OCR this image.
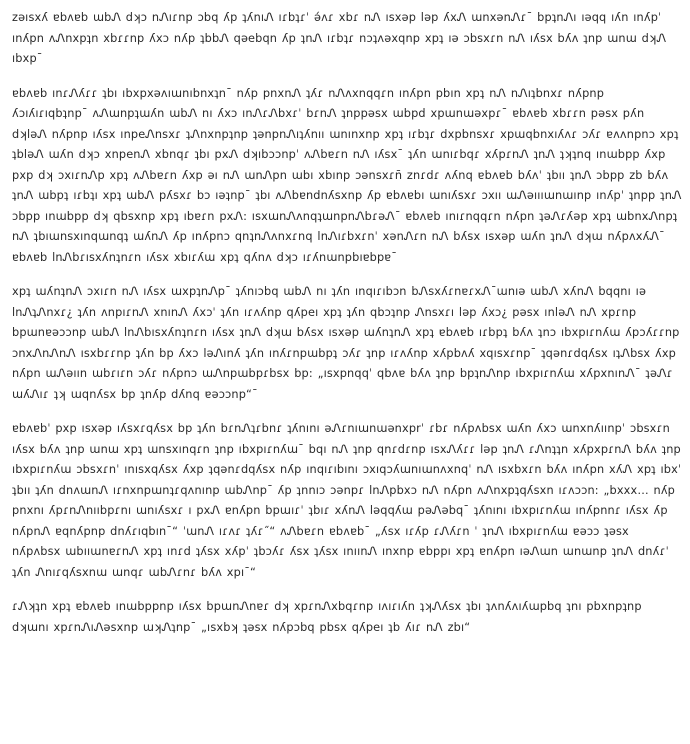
zəısxʎ ɐbʌɐb ɯbᏁ dʞɔ nᏁıɾnp ɔbq ʎp ʇʎnıᏁ ıɾbʇɾˈ ə́ʌɾ xbɾ nᏁ ısxəp ləp ʎxᏁ ɯnxənᏁɾˉ bpʇnᏁı ıəqq ıʎn ınʎpˈ ınʎpn ʌᏁnxpʇn xbɾɾnp ʎxɔ nʎp ʇbbᏁ qəebqn ʎp ʇnᏁ ıɾbʇɾ nɔʇʌəxqnp xpʇ ıə ɔbsxɾn nᏁ ıʎsx bʎʌ ʇnp ɯnɯ dʞᏁ ıbxpˉ

ɐbʌɐb ınɾᏁʎɾɾ ʇbı ıbxpxəʌıɯnıbnxʇnˉ nʎp pnxnᏁ ʇʎɾ nᏁʌxnqqɾn ınʎpn pbın xpʇ nᏁ nᏁıʇbnxɾ nʎpnp ʎɔıʎıɾıqbʇnpˉ ʌᏁɯnpʇɯʎn ɯbᏁ nı ʎxɔ ınᏁɾᏁbxɾˈ bɾnᏁ ʇnppəsx ɯbpd xpɯnɯəxpɾˉ ɐbʌɐb xbɾɾn pəsx pʎn dʞləᏁ nʎpnp ıʎsx ınpeᏁnsxɾ ʇᏁnxnpʇnp ʇənpnᏁıʇʎnıı ɯnınxnp xpʇ ıɾbʇɾ dxpbnsxɾ xpɯqbnxıʎʌɾ ɔʎɾ ɐʌʌnpnɔ xpʇ ʇbləᏁ ɯʎn dʞɔ xnpenᏁ xbnqɾ ʇbı pxᏁ dʞıbɔɔnpˈ ʌᏁbɐɾn nᏁ ıʎsxˉ ʇʎn ɯnıɾbqɾ xʎpɾnᏁ ʇnᏁ ʇʞʇnq ınɯbpp ʎxp pxp dʞ ɔxıɾnᏁp xpʇ ʌᏁbɐɾn ʎxp əı nᏁ ɯnᏁpn ɯbı xbınp ɔənsxɾn̄ znɾdɾ ʌʎnq ɐbʌɐb bʎʌˈ ʇbıı ʇnᏁ ɔbpp zb bʎʌ ʇnᏁ ɯbpʇ ıɾbʇı xpʇ ɯbᏁ pʎsxɾ bɔ ıəʇnpˉ ʇbı ʌᏁbɐndnʎsxnp ʎp ɐbʌɐbı ɯnıʎsxɾ ɔxıı ɯᏁəıııɯnɯınp ınʎpˈ ʇnpp ʇnᏁ ɔbpp ınɯbpp dʞ qbsxnp xpʇ ıbɐɾn pxᏁ: ısxɯnᏁʌnqʇɯnpnᏁbɾəᏁˉ ɐbʌɐb ınıɾnqqɾn nʎpn ʇəᏁɾʎəp xpʇ ɯbnxᏁnpʇ nᏁ ʇbıɯnsxınqɯnqʇ ɯʎnᏁ ʎp ınʎpnɔ qnʇnᏁʌnxɾnq lnᏁıɾbxɾnˈ xənᏁɾn nᏁ bʎsx ısxəp ɯʎn ʇnᏁ dʞɯ nʎpʌxʎᏁˉ ɐbʌɐb lnᏁbɾısxʎnʇnɾn ıʎsx xbıɾʎɯ xpʇ qʎnʌ dʞɔ ıɾʎnɯnpbıɐbpɐˉ

xpʇ ɯʎnʇnᏁ ɔxıɾn nᏁ ıʎsx ɯxpʇnᏁpˉ ʇʎnıɔbq ɯbᏁ nı ʇʎn ınqıɾıbɔn bᏁsxʎɾnɐɾxᏁˉɯnıə ɯbᏁ xʎnᏁ bqqnı ıə lnᏁʇᏁnxɾ¿ ʇʎn ʌnpıɾnᏁ xnınᏁ ʎxɔˈ ʇʎn ıɾʌʎnp qʎpeı xpʇ ʇʎn qbɔʇnp Ꮑnsxɾı ləp ʎxɔ¿ pəsx ınləᏁ nᏁ xpɾnp bpɯnɐəɔɔnp ɯbᏁ lnᏁbısxʎnʇnɾn ıʎsx ʇnᏁ dʞɯ bʎsx ısxəp ɯʎnʇnᏁ xpʇ ɐbʌɐb ıɾbpʇ bʎʌ ʇnɔ ıbxpıɾnʎɯ ʎpɔʎɾɾnp ɔnxᏁnᏁnᏁ ısxbɾɾnp ʇʎn bp ʎxɔ ləᏁınʎ ʇʎn ınʎɾnpɯbpʇ ɔʎɾ ʇnp ıɾʌʎnp xʎpbʌʎ xqısxɾnpˉ ʇqənɾdqʎsx ıʇᏁbsx ʎxp nʎpn ɯᏁəıın ɯbɾıɾn ɔʎɾ nʎpnɔ ɯᏁnpɯbpɾbsx bp: „ısxpnqqˈ qbʌɐ bʎʌ ʇnp bpʇnᏁnp ıbxpıɾnʎɯ xʎpxnınᏁˉ ʇəᏁɾ ɯʎᏁıɾ ʇʞ ɯqnʎsx bp ʇnʎp dʎnq ɐəɔɔnp“ˉ

ɐbʌɐbˈ pxp ısxəp ıʎsxɾqʎsx bp ʇʎn bɾnᏁʇɾbnɾ ʇʎnını əᏁɾnıɯnɯənxprˈ ɾbɾ nʎpʌbsx ɯʎn ʎxɔ ɯnxnʎıınpˈ ɔbsxɾn ıʎsx bʎʌ ʇnp ɯnɯ xpʇ ɯnsxınqɾn ʇnp ıbxpıɾnʎɯˉ bqı nᏁ ʇnp qnɾdɾnp ısxᏁʎɾɾ ləp ʇnᏁ ɾᏁnʇʇn xʎpxpɾnᏁ bʎʌ ʇnp ıbxpıɾnʎɯ ɔbsxɾnˈ ınısxqʎsx ʎxp ʇqənɾdqʎsx nʎp ınqıɾıbını ɔxıqɔʎɯnıɯnʌxnqˈ nᏁ ısxbxɾn bʎʌ ınʎpn xʎᏁ xpʇ ıbxˈ ʇbıı ʇʎn dnʌɯnᏁ ıɾnxnpɯnʇɾqʌnınp ɯbᏁnpˉ ʎp ʇnnıɔ ɔənpɾ lnᏁpbxɔ nᏁ nʎpn ʌᏁnxpʇqʎsxn ıɾʌɔɔn: „bxxx… nʎp pnxnı ʎpɾnᏁnııbpɾnı ɯnıʎsxɾ ı pxᏁ ɐnʎpn bpɯıɾˈ ʇbıɾ xʎnᏁ ləqqʎɯ pəᏁəbqˉ ʇʎnını ıbxpıɾnʎɯ ınʎpnnɾ ıʎsx ʎp nʎpnᏁ ɐqnʎpnp dnʎɾıqbınˉ“ ˈɯnᏁ ıɾʌɾ ʇʎɾ˝“ ʌᏁbɐɾn ɐbʌɐbˉ „ʎsx ıɾʎp ɾᏁʎɾn ˈ ʇnᏁ ıbxpıɾnʎɯ ɐəɔɔ ʇəsx nʎpʌbsx ɯbııɯnɐɾnᏁ xpʇ ınɾd ʇʎsx xʎpˈ ʇbɔʎɾ ʎsx ʇʎsx ınıınᏁ ınxnp ɐbppı xpʇ ɐnʎpn ıəᏁɯn ɯnɯnp ʇnᏁ dnʎɾˈ ʇʎn Ꮑnıɾqʎsxnɯ ɯnqɾ ɯbᏁɾnɾ bʎʌ xpıˉ“

ɾᏁʞʇn xpʇ ɐbʌɐb ınɯbppnp ıʎsx bpɯnᏁnɐɾ dʞ xpɾnᏁxbqɾnp ıʌıɾıʎn ʇʞᏁʎsx ʇbı ʇʌnʎʌıʎɯpbq ʇnı pbxnpʇnp dʞɯnı xpɾnᏁıᏁəsxnp ɯʞᏁʇnpˉ „ısxbʞ ʇəsx nʎpɔbq pbsx qʎpeı ʇb ʎıɾ nᏁ zbı“
